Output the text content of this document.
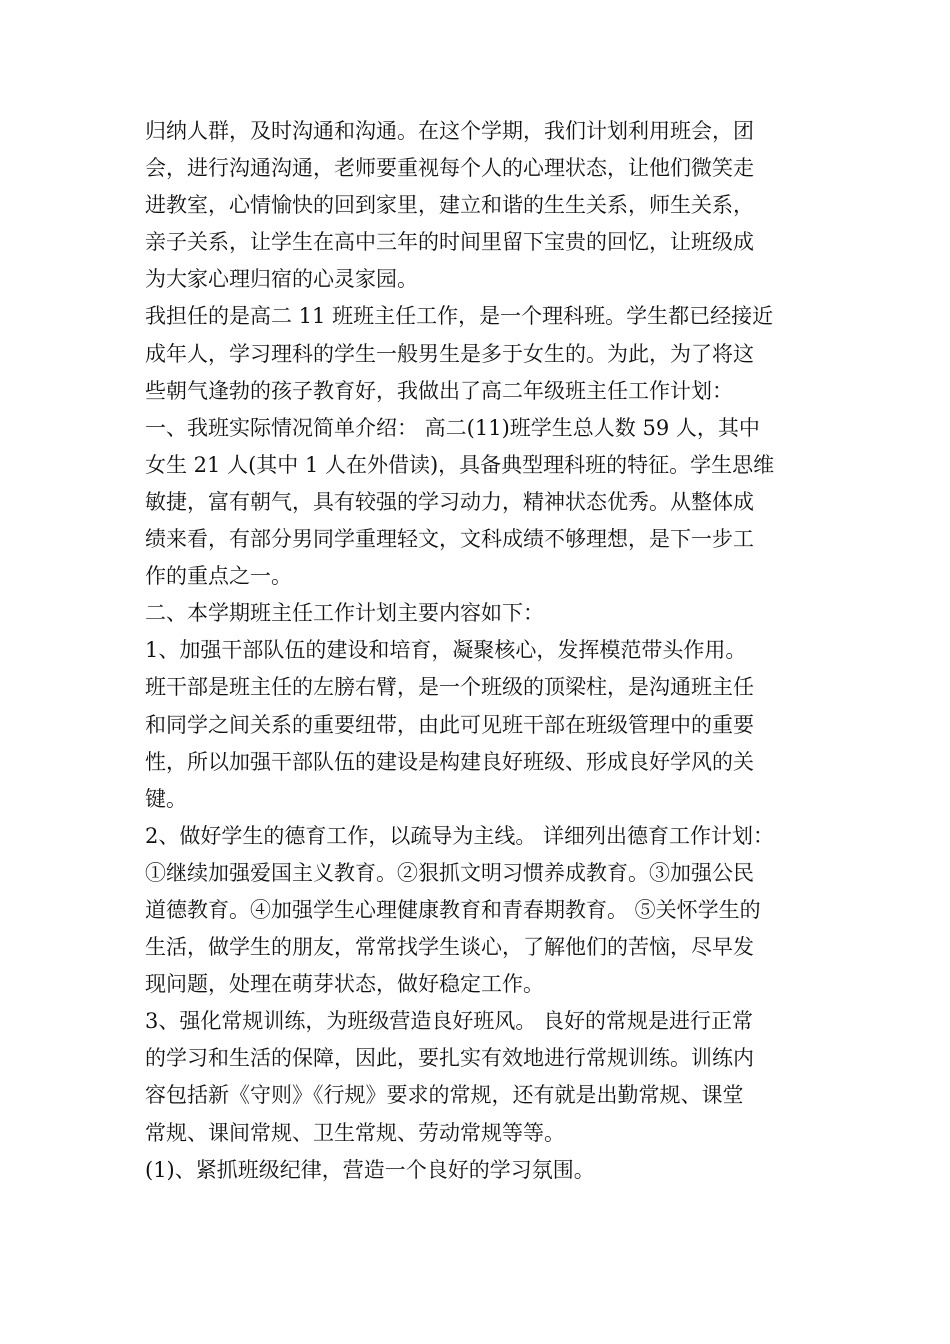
归纳人群，及时沟通和沟通。在这个学期，我们计划利用班会，团
会，进行沟通沟通，老师要重视每个人的心理状态，让他们微笑走
进教室，心情愉快的回到家里，建立和谐的生生关系，师生关系，
亲子关系，让学生在高中三年的时间里留下宝贵的回忆，让班级成
为大家心理归宿的心灵家园。
我担任的是高二 11 班班主任工作，是一个理科班。学生都已经接近
成年人，学习理科的学生一般男生是多于女生的。为此，为了将这
些朝气逢勃的孩子教育好，我做出了高二年级班主任工作计划：
一、我班实际情况简单介绍： 高二(11)班学生总人数 59 人，其中
女生 21 人(其中 1 人在外借读)，具备典型理科班的特征。学生思维
敏捷，富有朝气，具有较强的学习动力，精神状态优秀。从整体成
绩来看，有部分男同学重理轻文，文科成绩不够理想，是下一步工
作的重点之一。
二、本学期班主任工作计划主要内容如下：
1、加强干部队伍的建设和培育，凝聚核心，发挥模范带头作用。
班干部是班主任的左膀右臂，是一个班级的顶梁柱，是沟通班主任
和同学之间关系的重要纽带，由此可见班干部在班级管理中的重要
性，所以加强干部队伍的建设是构建良好班级、形成良好学风的关
键。
2、做好学生的德育工作，以疏导为主线。 详细列出德育工作计划：
①继续加强爱国主义教育。②狠抓文明习惯养成教育。③加强公民
道德教育。④加强学生心理健康教育和青春期教育。 ⑤关怀学生的
生活，做学生的朋友，常常找学生谈心，了解他们的苦恼，尽早发
现问题，处理在萌芽状态，做好稳定工作。
3、强化常规训练，为班级营造良好班风。 良好的常规是进行正常
的学习和生活的保障，因此，要扎实有效地进行常规训练。训练内
容包括新《守则》《行规》要求的常规，还有就是出勤常规、课堂
常规、课间常规、卫生常规、劳动常规等等。
(1)、紧抓班级纪律，营造一个良好的学习氛围。
